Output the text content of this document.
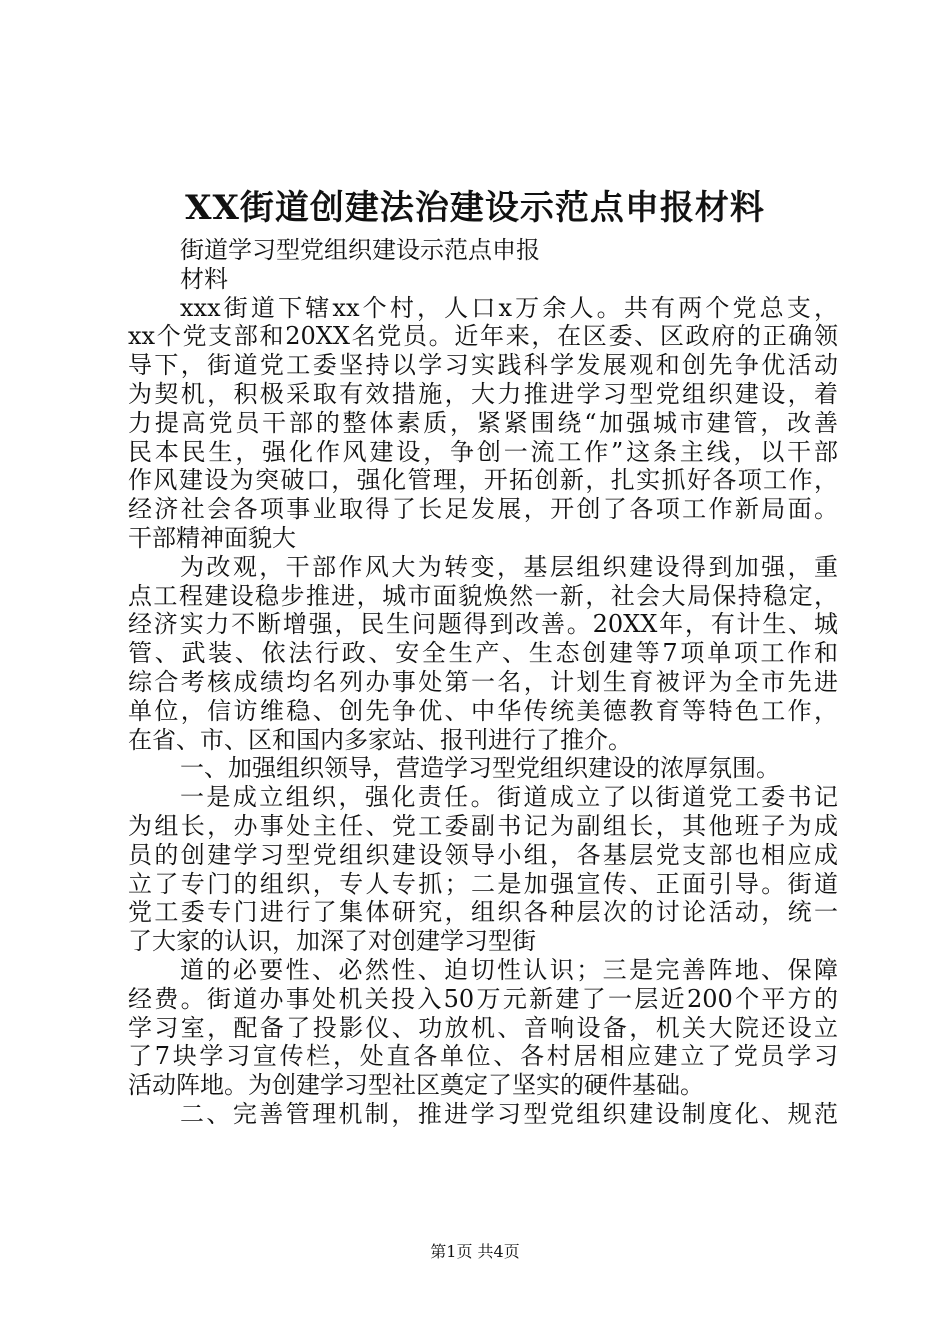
XX街道创建法治建设示范点申报材料
街道学习型党组织建设示范点申报
材料
xxx街道下辖xx个村，人口x万余人。共有两个党总支，
xx个党支部和20XX名党员。近年来，在区委、区政府的正确领
导下，街道党工委坚持以学习实践科学发展观和创先争优活动
为契机，积极采取有效措施，大力推进学习型党组织建设，着
力提高党员干部的整体素质，紧紧围绕“加强城市建管，改善
民本民生，强化作风建设，争创一流工作”这条主线，以干部
作风建设为突破口，强化管理，开拓创新，扎实抓好各项工作，
经济社会各项事业取得了长足发展，开创了各项工作新局面。
干部精神面貌大
为改观，干部作风大为转变，基层组织建设得到加强，重
点工程建设稳步推进，城市面貌焕然一新，社会大局保持稳定，
经济实力不断增强，民生问题得到改善。20XX年，有计生、城
管、武装、依法行政、安全生产、生态创建等7项单项工作和
综合考核成绩均名列办事处第一名，计划生育被评为全市先进
单位，信访维稳、创先争优、中华传统美德教育等特色工作，
在省、市、区和国内多家站、报刊进行了推介。
一、加强组织领导，营造学习型党组织建设的浓厚氛围。
一是成立组织，强化责任。街道成立了以街道党工委书记
为组长，办事处主任、党工委副书记为副组长，其他班子为成
员的创建学习型党组织建设领导小组，各基层党支部也相应成
立了专门的组织，专人专抓；二是加强宣传、正面引导。街道
党工委专门进行了集体研究，组织各种层次的讨论活动，统一
了大家的认识，加深了对创建学习型街
道的必要性、必然性、迫切性认识；三是完善阵地、保障
经费。街道办事处机关投入50万元新建了一层近200个平方的
学习室，配备了投影仪、功放机、音响设备，机关大院还设立
了7块学习宣传栏，处直各单位、各村居相应建立了党员学习
活动阵地。为创建学习型社区奠定了坚实的硬件基础。
二、完善管理机制，推进学习型党组织建设制度化、规范
第1页 共4页
